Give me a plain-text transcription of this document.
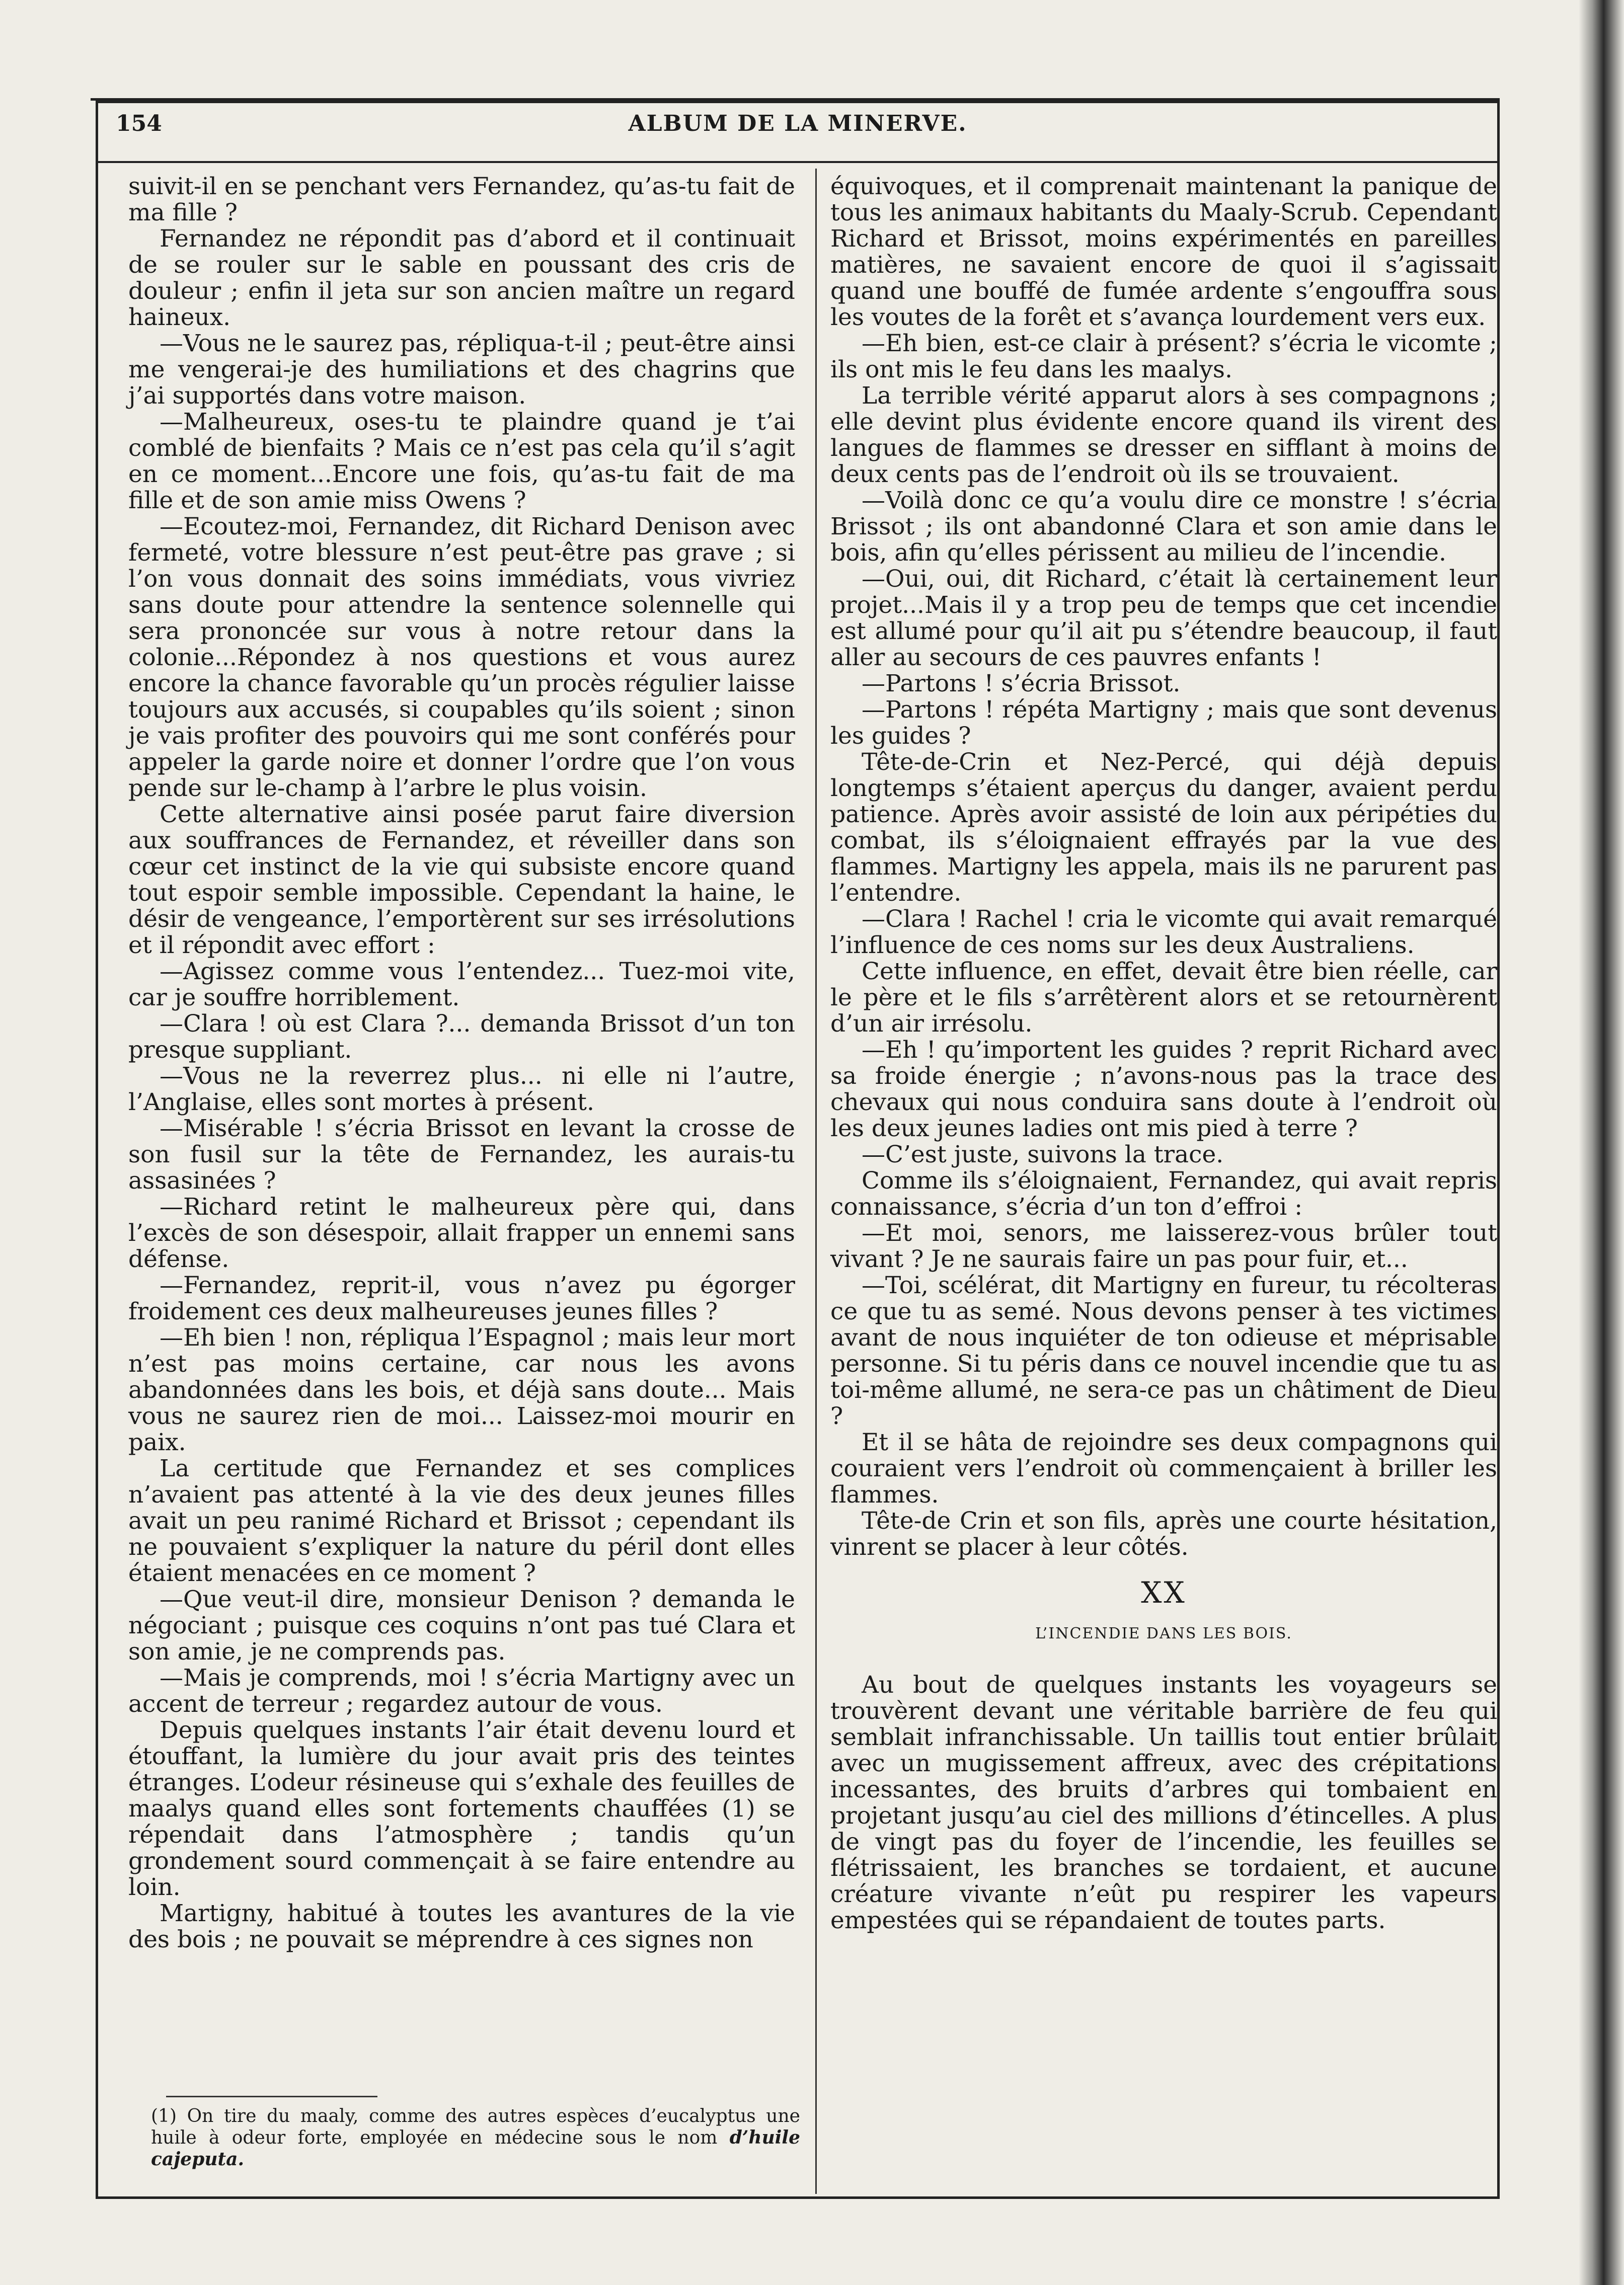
154	ALBUM DE LA MINERVE.

suivit-il en se penchant vers Fernandez, qu’as-tu fait de ma fille ?

Fernandez ne répondit pas d’abord et il continuait de se rouler sur le sable en poussant des cris de douleur ; enfin il jeta sur son ancien maître un regard haineux.

—Vous ne le saurez pas, répliqua-t-il ; peut-être ainsi me vengerai-je des humiliations et des chagrins que j’ai supportés dans votre maison.

—Malheureux, oses-tu te plaindre quand je t’ai comblé de bienfaits ? Mais ce n’est pas cela qu’il s’agit en ce moment...Encore une fois, qu’as-tu fait de ma fille et de son amie miss Owens ?

—Ecoutez-moi, Fernandez, dit Richard Denison avec fermeté, votre blessure n’est peut-être pas grave ; si l’on vous donnait des soins immédiats, vous vivriez sans doute pour attendre la sentence solennelle qui sera prononcée sur vous à notre retour dans la colonie...Répondez à nos questions et vous aurez encore la chance favorable qu’un procès régulier laisse toujours aux accusés, si coupables qu’ils soient ; sinon je vais profiter des pouvoirs qui me sont conférés pour appeler la garde noire et donner l’ordre que l’on vous pende sur le-champ à l’arbre le plus voisin.

Cette alternative ainsi posée parut faire diversion aux souffrances de Fernandez, et réveiller dans son cœur cet instinct de la vie qui subsiste encore quand tout espoir semble impossible. Cependant la haine, le désir de vengeance, l’emportèrent sur ses irrésolutions et il répondit avec effort :

—Agissez comme vous l’entendez... Tuez-moi vite, car je souffre horriblement.

—Clara ! où est Clara ?... demanda Brissot d’un ton presque suppliant.

—Vous ne la reverrez plus... ni elle ni l’autre, l’Anglaise, elles sont mortes à présent.

—Misérable ! s’écria Brissot en levant la crosse de son fusil sur la tête de Fernandez, les aurais-tu assasinées ?

—Richard retint le malheureux père qui, dans l’excès de son désespoir, allait frapper un ennemi sans défense.

—Fernandez, reprit-il, vous n’avez pu égorger froidement ces deux malheureuses jeunes filles ?

—Eh bien ! non, répliqua l’Espagnol ; mais leur mort n’est pas moins certaine, car nous les avons abandonnées dans les bois, et déjà sans doute... Mais vous ne saurez rien de moi... Laissez-moi mourir en paix.

La certitude que Fernandez et ses complices n’avaient pas attenté à la vie des deux jeunes filles avait un peu ranimé Richard et Brissot ; cependant ils ne pouvaient s’expliquer la nature du péril dont elles étaient menacées en ce moment ?

—Que veut-il dire, monsieur Denison ? demanda le négociant ; puisque ces coquins n’ont pas tué Clara et son amie, je ne comprends pas.

—Mais je comprends, moi ! s’écria Martigny avec un accent de terreur ; regardez autour de vous.

Depuis quelques instants l’air était devenu lourd et étouffant, la lumière du jour avait pris des teintes étranges. L’odeur résineuse qui s’exhale des feuilles de maalys quand elles sont fortements chauffées (1) se répendait dans l’atmosphère ; tandis qu’un grondement sourd commençait à se faire entendre au loin.

Martigny, habitué à toutes les avantures de la vie des bois ; ne pouvait se méprendre à ces signes non

(1) On tire du maaly, comme des autres espèces d’eucalyptus une huile à odeur forte, employée en médecine sous le nom d’huile cajeputa.

équivoques, et il comprenait maintenant la panique de tous les animaux habitants du Maaly-Scrub. Cependant Richard et Brissot, moins expérimentés en pareilles matières, ne savaient encore de quoi il s’agissait quand une bouffé de fumée ardente s’engouffra sous les voutes de la forêt et s’avança lourdement vers eux.

—Eh bien, est-ce clair à présent? s’écria le vicomte ; ils ont mis le feu dans les maalys.

La terrible vérité apparut alors à ses compagnons ; elle devint plus évidente encore quand ils virent des langues de flammes se dresser en sifflant à moins de deux cents pas de l’endroit où ils se trouvaient.

—Voilà donc ce qu’a voulu dire ce monstre ! s’écria Brissot ; ils ont abandonné Clara et son amie dans le bois, afin qu’elles périssent au milieu de l’incendie.

—Oui, oui, dit Richard, c’était là certainement leur projet...Mais il y a trop peu de temps que cet incendie est allumé pour qu’il ait pu s’étendre beaucoup, il faut aller au secours de ces pauvres enfants !

—Partons ! s’écria Brissot.

—Partons ! répéta Martigny ; mais que sont devenus les guides ?

Tête-de-Crin et Nez-Percé, qui déjà depuis longtemps s’étaient aperçus du danger, avaient perdu patience. Après avoir assisté de loin aux péripéties du combat, ils s’éloignaient effrayés par la vue des flammes. Martigny les appela, mais ils ne parurent pas l’entendre.

—Clara ! Rachel ! cria le vicomte qui avait remarqué l’influence de ces noms sur les deux Australiens.

Cette influence, en effet, devait être bien réelle, car le père et le fils s’arrêtèrent alors et se retournèrent d’un air irrésolu.

—Eh ! qu’importent les guides ? reprit Richard avec sa froide énergie ; n’avons-nous pas la trace des chevaux qui nous conduira sans doute à l’endroit où les deux jeunes ladies ont mis pied à terre ?

—C’est juste, suivons la trace.

Comme ils s’éloignaient, Fernandez, qui avait repris connaissance, s’écria d’un ton d’effroi :

—Et moi, senors, me laisserez-vous brûler tout vivant ? Je ne saurais faire un pas pour fuir, et...

—Toi, scélérat, dit Martigny en fureur, tu récolteras ce que tu as semé. Nous devons penser à tes victimes avant de nous inquiéter de ton odieuse et méprisable personne. Si tu péris dans ce nouvel incendie que tu as toi-même allumé, ne sera-ce pas un châtiment de Dieu ?

Et il se hâta de rejoindre ses deux compagnons qui couraient vers l’endroit où commençaient à briller les flammes.

Tête-de Crin et son fils, après une courte hésitation, vinrent se placer à leur côtés.

XX
L’INCENDIE DANS LES BOIS.

Au bout de quelques instants les voyageurs se trouvèrent devant une véritable barrière de feu qui semblait infranchissable. Un taillis tout entier brûlait avec un mugissement affreux, avec des crépitations incessantes, des bruits d’arbres qui tombaient en projetant jusqu’au ciel des millions d’étincelles. A plus de vingt pas du foyer de l’incendie, les feuilles se flétrissaient, les branches se tordaient, et aucune créature vivante n’eût pu respirer les vapeurs empestées qui se répandaient de toutes parts.
